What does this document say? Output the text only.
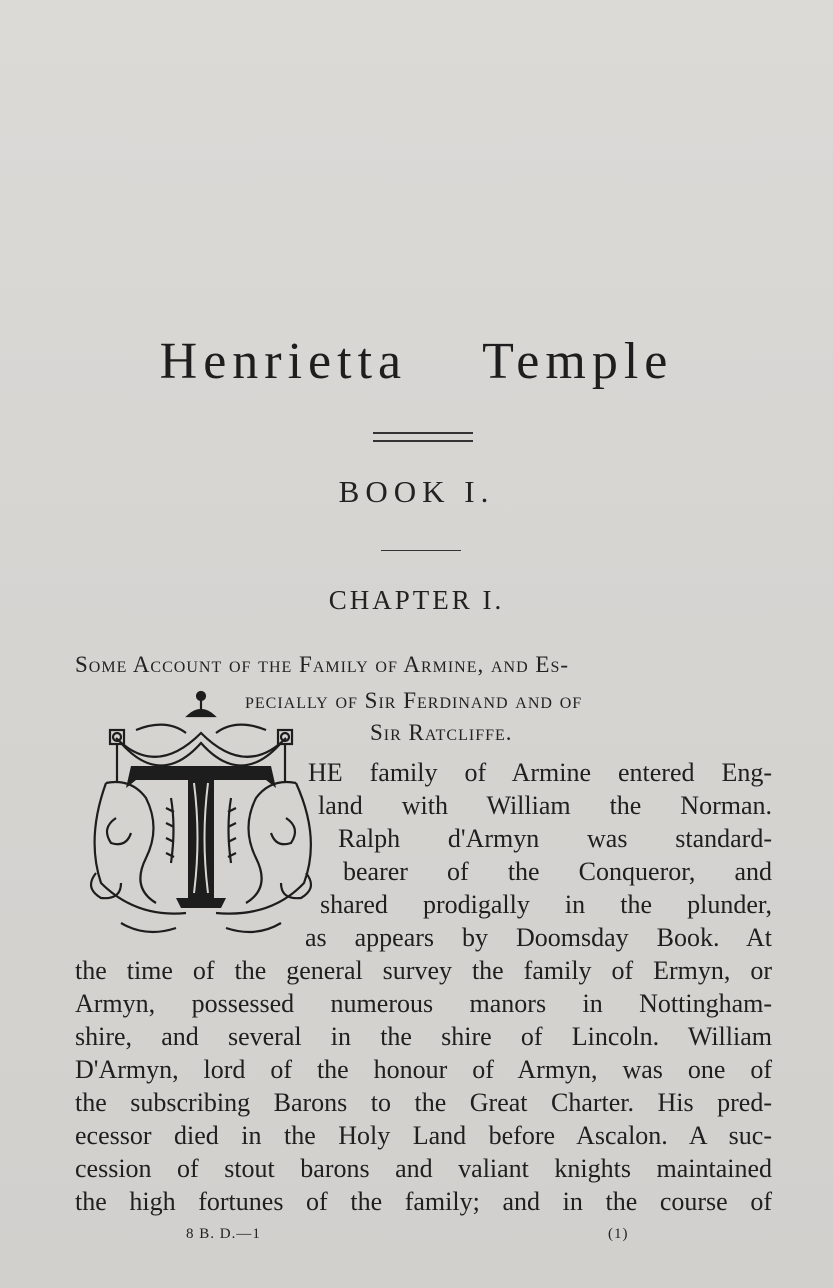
Henrietta Temple
BOOK I.
CHAPTER I.
Some Account of the Family of Armine, and Es-
pecially of Sir Ferdinand and of
Sir Ratcliffe.
HE family of Armine entered Eng-
land with William the Norman.
Ralph d'Armyn was standard-
bearer of the Conqueror, and
shared prodigally in the plunder,
as appears by Doomsday Book. At
the time of the general survey the family of Ermyn, or
Armyn, possessed numerous manors in Nottingham-
shire, and several in the shire of Lincoln. William
D'Armyn, lord of the honour of Armyn, was one of
the subscribing Barons to the Great Charter. His pred-
ecessor died in the Holy Land before Ascalon. A suc-
cession of stout barons and valiant knights maintained
the high fortunes of the family; and in the course of
8 B. D.—1	(1)
